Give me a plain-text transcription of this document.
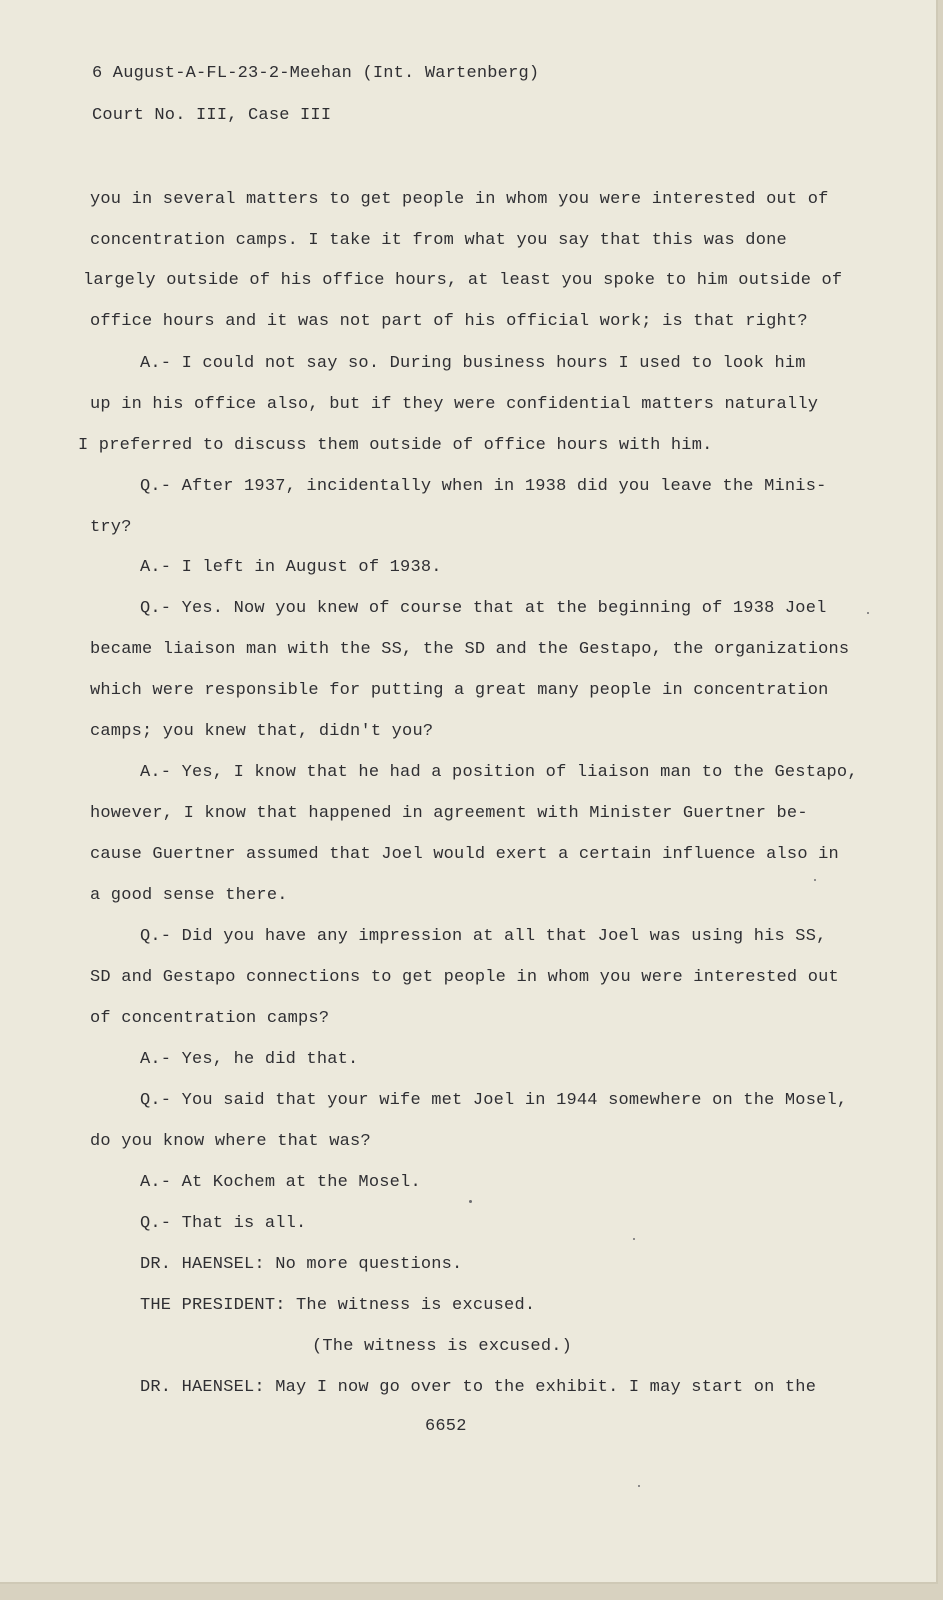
6 August-A-FL-23-2-Meehan (Int. Wartenberg)
Court No. III, Case III
you in several matters to get people in whom you were interested out of
concentration camps. I take it from what you say that this was done
largely outside of his office hours, at least you spoke to him outside of
office hours and it was not part of his official work; is that right?
A.- I could not say so. During business hours I used to look him
up in his office also, but if they were confidential matters naturally
I preferred to discuss them outside of office hours with him.
Q.- After 1937, incidentally when in 1938 did you leave the Minis-
try?
A.- I left in August of 1938.
Q.- Yes. Now you knew of course that at the beginning of 1938 Joel
became liaison man with the SS, the SD and the Gestapo, the organizations
which were responsible for putting a great many people in concentration
camps; you knew that, didn't you?
A.- Yes, I know that he had a position of liaison man to the Gestapo,
however, I know that happened in agreement with Minister Guertner be-
cause Guertner assumed that Joel would exert a certain influence also in
a good sense there.
Q.- Did you have any impression at all that Joel was using his SS,
SD and Gestapo connections to get people in whom you were interested out
of concentration camps?
A.- Yes, he did that.
Q.- You said that your wife met Joel in 1944 somewhere on the Mosel,
do you know where that was?
A.- At Kochem at the Mosel.
Q.- That is all.
DR. HAENSEL: No more questions.
THE PRESIDENT: The witness is excused.
(The witness is excused.)
DR. HAENSEL: May I now go over to the exhibit. I may start on the
6652
